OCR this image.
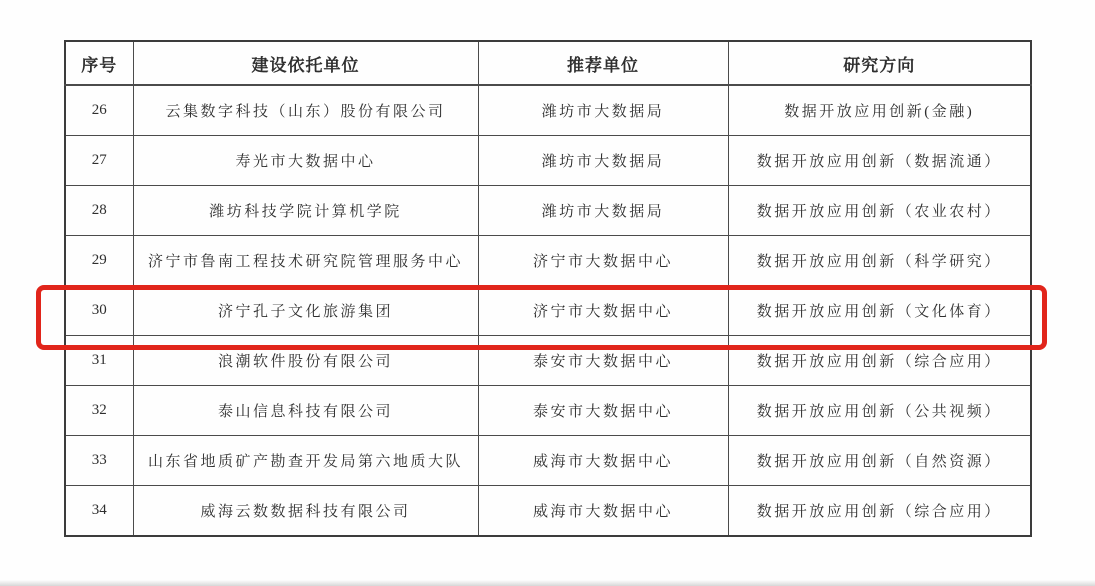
序号	建设依托单位	推荐单位	研究方向
26	云集数字科技（山东）股份有限公司	潍坊市大数据局	数据开放应用创新(金融)
27	寿光市大数据中心	潍坊市大数据局	数据开放应用创新（数据流通）
28	潍坊科技学院计算机学院	潍坊市大数据局	数据开放应用创新（农业农村）
29	济宁市鲁南工程技术研究院管理服务中心	济宁市大数据中心	数据开放应用创新（科学研究）
30	济宁孔子文化旅游集团	济宁市大数据中心	数据开放应用创新（文化体育）
31	浪潮软件股份有限公司	泰安市大数据中心	数据开放应用创新（综合应用）
32	泰山信息科技有限公司	泰安市大数据中心	数据开放应用创新（公共视频）
33	山东省地质矿产勘查开发局第六地质大队	威海市大数据中心	数据开放应用创新（自然资源）
34	威海云数数据科技有限公司	威海市大数据中心	数据开放应用创新（综合应用）
